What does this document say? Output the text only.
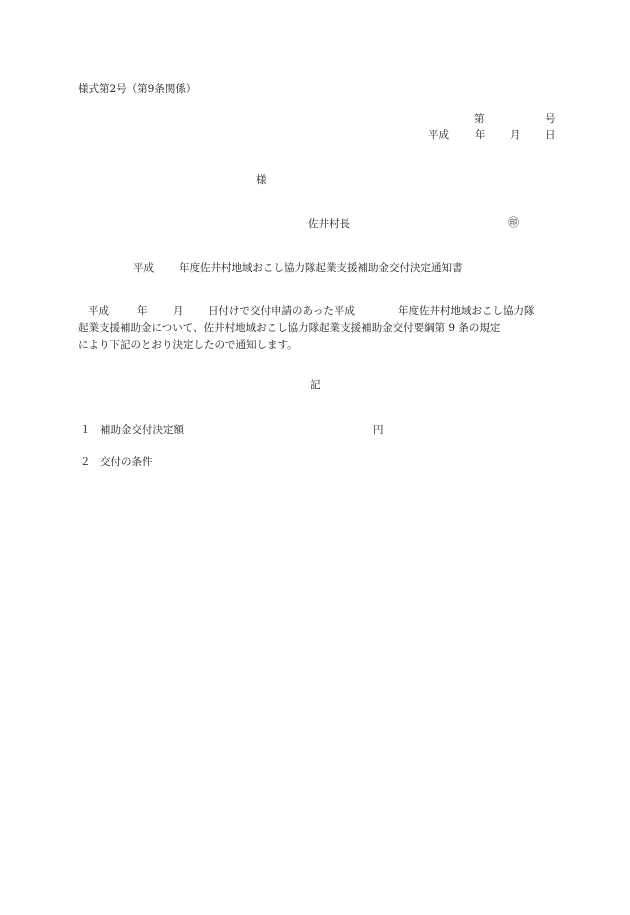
様式第2号（第9条関係）
第	号
平成 年 月 日
様
佐井村長	㊞
平成 年度佐井村地域おこし協力隊起業支援補助金交付決定通知書
平成	年 月 日付けで交付申請のあった平成	年度佐井村地域おこし協力隊
起業支援補助金について、佐井村地域おこし協力隊起業支援補助金交付要綱第 9 条の規定
により下記のとおり決定したので通知します。
記
１ 補助金交付決定額	円
２ 交付の条件
